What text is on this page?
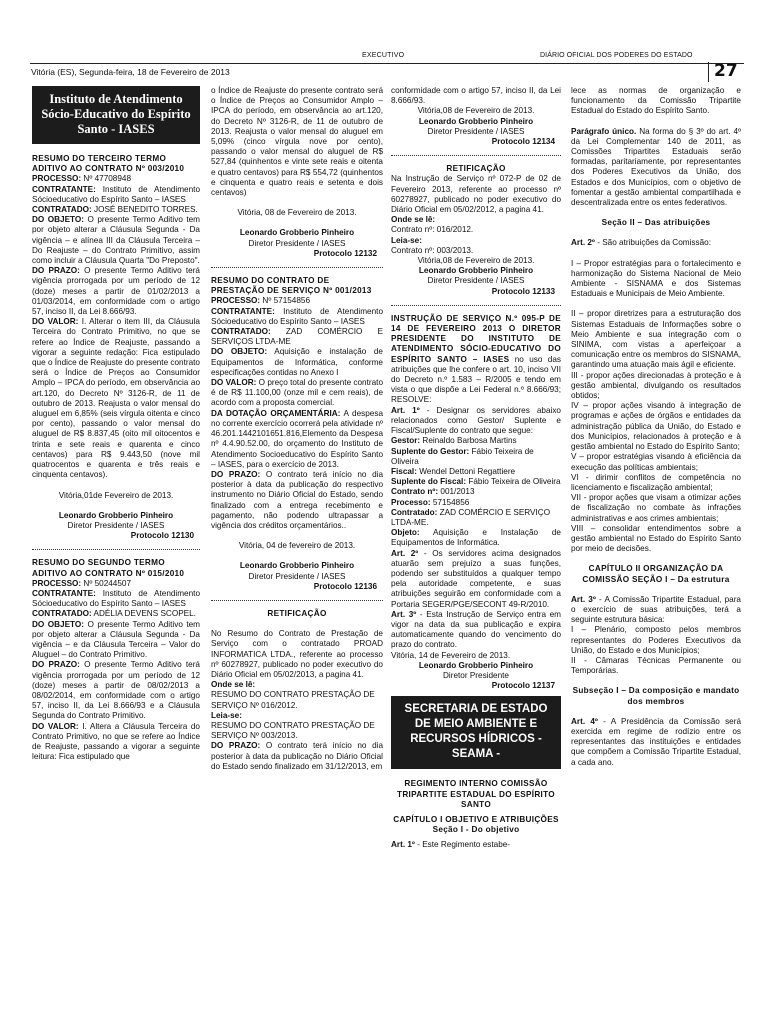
EXECUTIVO	DIÁRIO OFICIAL DOS PODERES DO ESTADO
Vitória (ES), Segunda-feira, 18 de Fevereiro de 2013	27
Instituto de Atendimento Sócio-Educativo do Espírito Santo - IASES

RESUMO DO TERCEIRO TERMO ADITIVO AO CONTRATO Nº 003/2010

PROCESSO: Nº 47708948

CONTRATANTE: Instituto de Atendimento Sócioeducativo do Espírito Santo – IASES

CONTRATADO: JOSÉ BENEDITO TORRES.

DO OBJETO: O presente Termo Aditivo tem por objeto alterar a Cláusula Segunda - Da vigência – e alínea III da Cláusula Terceira – Do Reajuste – do Contrato Primitivo, assim como incluir a Cláusula Quarta "Do Preposto".

DO PRAZO: O presente Termo Aditivo terá vigência prorrogada por um período de 12 (doze) meses a partir de 01/02/2013 a 01/03/2014, em conformidade com o artigo 57, inciso II, da Lei 8.666/93.

DO VALOR: I. Alterar o item III, da Cláusula Terceira do Contrato Primitivo, no que se refere ao Índice de Reajuste, passando a vigorar a seguinte redação: Fica estipulado que o Índice de Reajuste do presente contrato será o Índice de Preços ao Consumidor Amplo – IPCA do período, em observância ao art.120, do Decreto Nº 3126-R, de 11 de outubro de 2013. Reajusta o valor mensal do aluguel em 6,85% (seis vírgula oitenta e cinco por cento), passando o valor mensal do aluguel de R$ 8.837,45 (oito mil oitocentos e trinta e sete reais e quarenta e cinco centavos) para R$ 9.443,50 (nove mil quatrocentos e quarenta e três reais e cinquenta centavos).

Vitória,01de Fevereiro de 2013.

Leonardo Grobberio Pinheiro

Diretor Presidente / IASES

Protocolo 12130

RESUMO DO SEGUNDO TERMO ADITIVO AO CONTRATO Nº 015/2010

PROCESSO: Nº 50244507

CONTRATANTE: Instituto de Atendimento Sócioeducativo do Espírito Santo – IASES

CONTRATADO: ADÉLIA DEVENS SCOPEL.

DO OBJETO: O presente Termo Aditivo tem por objeto alterar a Cláusula Segunda - Da vigência – e da Cláusula Terceira – Valor do Aluguel – do Contrato Primitivo.

DO PRAZO: O presente Termo Aditivo terá vigência prorrogada por um período de 12 (doze) meses a partir de 08/02/2013 a 08/02/2014, em conformidade com o artigo 57, inciso II, da Lei 8.666/93 e a Cláusula Segunda do Contrato Primitivo.

DO VALOR: I. Altera a Cláusula Terceira do Contrato Primitivo, no que se refere ao Índice de Reajuste, passando a vigorar a seguinte leitura: Fica estipulado que

o Índice de Reajuste do presente contrato será o Índice de Preços ao Consumidor Amplo – IPCA do período, em observância ao art.120, do Decreto Nº 3126-R, de 11 de outubro de 2013. Reajusta o valor mensal do aluguel em 5,09% (cinco vírgula nove por cento), passando o valor mensal do aluguel de R$ 527,84 (quinhentos e vinte sete reais e oitenta e quatro centavos) para R$ 554,72 (quinhentos e cinquenta e quatro reais e setenta e dois centavos)

Vitória, 08 de Fevereiro de 2013.

Leonardo Grobberio Pinheiro

Diretor Presidente / IASES

Protocolo 12132

RESUMO DO CONTRATO DE PRESTAÇÃO DE SERVIÇO Nº 001/2013

PROCESSO: Nº 57154856

CONTRATANTE: Instituto de Atendimento Sócioeducativo do Espírito Santo – IASES

CONTRATADO: ZAD COMÉRCIO E SERVIÇOS LTDA-ME

DO OBJETO: Aquisição e instalação de Equipamentos de Informática, conforme especificações contidas no Anexo I

DO VALOR: O preço total do presente contrato é de R$ 11.100,00 (onze mil e cem reais), de acordo com a proposta comercial.

DA DOTAÇÃO ORÇAMENTÁRIA: A despesa no corrente exercício ocorrerá pela atividade nº 46.201.1442101651.816,Elemento da Despesa nº 4.4.90.52.00, do orçamento do Instituto de Atendimento Socioeducativo do Espírito Santo – IASES, para o exercício de 2013.

DO PRAZO: O contrato terá início no dia posterior à data da publicação do respectivo instrumento no Diário Oficial do Estado, sendo finalizado com a entrega recebimento e pagamento, não podendo ultrapassar a vigência dos créditos orçamentários..

Vitória, 04 de fevereiro de 2013.

Leonardo Grobberio Pinheiro

Diretor Presidente / IASES

Protocolo 12136

RETIFICAÇÃO

No Resumo do Contrato de Prestação de Serviço com o contratado PROAD INFORMATICA LTDA., referente ao processo nº 60278927, publicado no poder executivo do Diário Oficial em 05/02/2013, a pagina 41.

Onde se lê:

RESUMO DO CONTRATO PRESTAÇÃO DE SERVIÇO Nº 016/2012.

Leia-se:

RESUMO DO CONTRATO PRESTAÇÃO DE SERVIÇO Nº 003/2013.

DO PRAZO: O contrato terá início no dia posterior à data da publicação no Diário Oficial do Estado sendo finalizado em 31/12/2013, em

conformidade com o artigo 57, inciso II, da Lei 8.666/93.

Vitória,08 de Fevereiro de 2013.

Leonardo Grobberio Pinheiro

Diretor Presidente / IASES

Protocolo 12134

RETIFICAÇÃO

Na Instrução de Serviço nº 072-P de 02 de Fevereiro 2013, referente ao processo nº 60278927, publicado no poder executivo do Diário Oficial em 05/02/2012, a pagina 41.

Onde se lê:

Contrato nº: 016/2012.

Leia-se:

Contrato nº: 003/2013.

Vitória,08 de Fevereiro de 2013.

Leonardo Grobberio Pinheiro

Diretor Presidente / IASES

Protocolo 12133

INSTRUÇÃO DE SERVIÇO N.º 095-P DE 14 DE FEVEREIRO 2013 O DIRETOR PRESIDENTE DO INSTITUTO DE ATENDIMENTO SÓCIO-EDUCATIVO DO ESPÍRITO SANTO – IASES no uso das atribuições que lhe confere o art. 10, inciso VII do Decreto n.º 1.583 – R/2005 e tendo em vista o que dispõe a Lei Federal n.º 8.666/93; RESOLVE:

Art. 1º - Designar os servidores abaixo relacionados como Gestor/ Suplente e Fiscal/Suplente do contrato que segue:

Gestor: Reinaldo Barbosa Martins

Suplente do Gestor: Fábio Teixeira de Oliveira

Fiscal: Wendel Dettoni Regattiere

Suplente do Fiscal: Fábio Teixeira de Oliveira

Contrato nº: 001/2013

Processo: 57154856

Contratado: ZAD COMÉRCIO E SERVIÇO LTDA-ME.

Objeto: Aquisição e Instalação de Equipamentos de Informática.

Art. 2º - Os servidores acima designados atuarão sem prejuízo a suas funções, podendo ser substituídos a qualquer tempo pela autoridade competente, e suas atribuições seguirão em conformidade com a Portaria SEGER/PGE/SECONT 49-R/2010.

Art. 3º - Esta Instrução de Serviço entra em vigor na data da sua publicação e expira automaticamente quando do vencimento do prazo do contrato.

Vitória, 14 de Fevereiro de 2013.

Leonardo Grobberio Pinheiro

Diretor Presidente

Protocolo 12137

SECRETARIA DE ESTADO DE MEIO AMBIENTE E RECURSOS HÍDRICOS - SEAMA -

REGIMENTO INTERNO COMISSÃO TRIPARTITE ESTADUAL DO ESPÍRITO SANTO

CAPÍTULO I OBJETIVO E ATRIBUIÇÕES Seção I - Do objetivo

Art. 1º - Este Regimento estabe-

lece as normas de organização e funcionamento da Comissão Tripartite Estadual do Estado do Espírito Santo.

Parágrafo único. Na forma do § 3º do art. 4º da Lei Complementar 140 de 2011, as Comissões Tripartites Estaduais serão formadas, paritariamente, por representantes dos Poderes Executivos da União, dos Estados e dos Municípios, com o objetivo de fomentar a gestão ambiental compartilhada e descentralizada entre os entes federativos.

Seção II – Das atribuições

Art. 2º - São atribuições da Comissão:

I – Propor estratégias para o fortalecimento e harmonização do Sistema Nacional de Meio Ambiente - SISNAMA e dos Sistemas Estaduais e Municipais de Meio Ambiente.

II – propor diretrizes para a estruturação dos Sistemas Estaduais de Informações sobre o Meio Ambiente e sua integração com o SINIMA, com vistas a aperfeiçoar a comunicação entre os membros do SISNAMA, garantindo uma atuação mais ágil e eficiente.

III - propor ações direcionadas à proteção e à gestão ambiental, divulgando os resultados obtidos;

IV – propor ações visando à integração de programas e ações de órgãos e entidades da administração pública da União, do Estado e dos Municípios, relacionados à proteção e à gestão ambiental no Estado do Espírito Santo;

V – propor estratégias visando à eficiência da execução das políticas ambientais;

VI - dirimir conflitos de competência no licenciamento e fiscalização ambiental;

VII - propor ações que visam a otimizar ações de fiscalização no combate às infrações administrativas e aos crimes ambientais;

VIII – consolidar entendimentos sobre a gestão ambiental no Estado do Espírito Santo por meio de decisões.

CAPÍTULO II ORGANIZAÇÃO DA COMISSÃO SEÇÃO I – Da estrutura

Art. 3º - A Comissão Tripartite Estadual, para o exercício de suas atribuições, terá a seguinte estrutura básica:

I – Plenário, composto pelos membros representantes do Poderes Executivos da União, do Estado e dos Municípios;

II - Câmaras Técnicas Permanente ou Temporárias.

Subseção I – Da composição e mandato dos membros

Art. 4º - A Presidência da Comissão será exercida em regime de rodízio entre os representantes das instituições e entidades que compõem a Comissão Tripartite Estadual, a cada ano.
